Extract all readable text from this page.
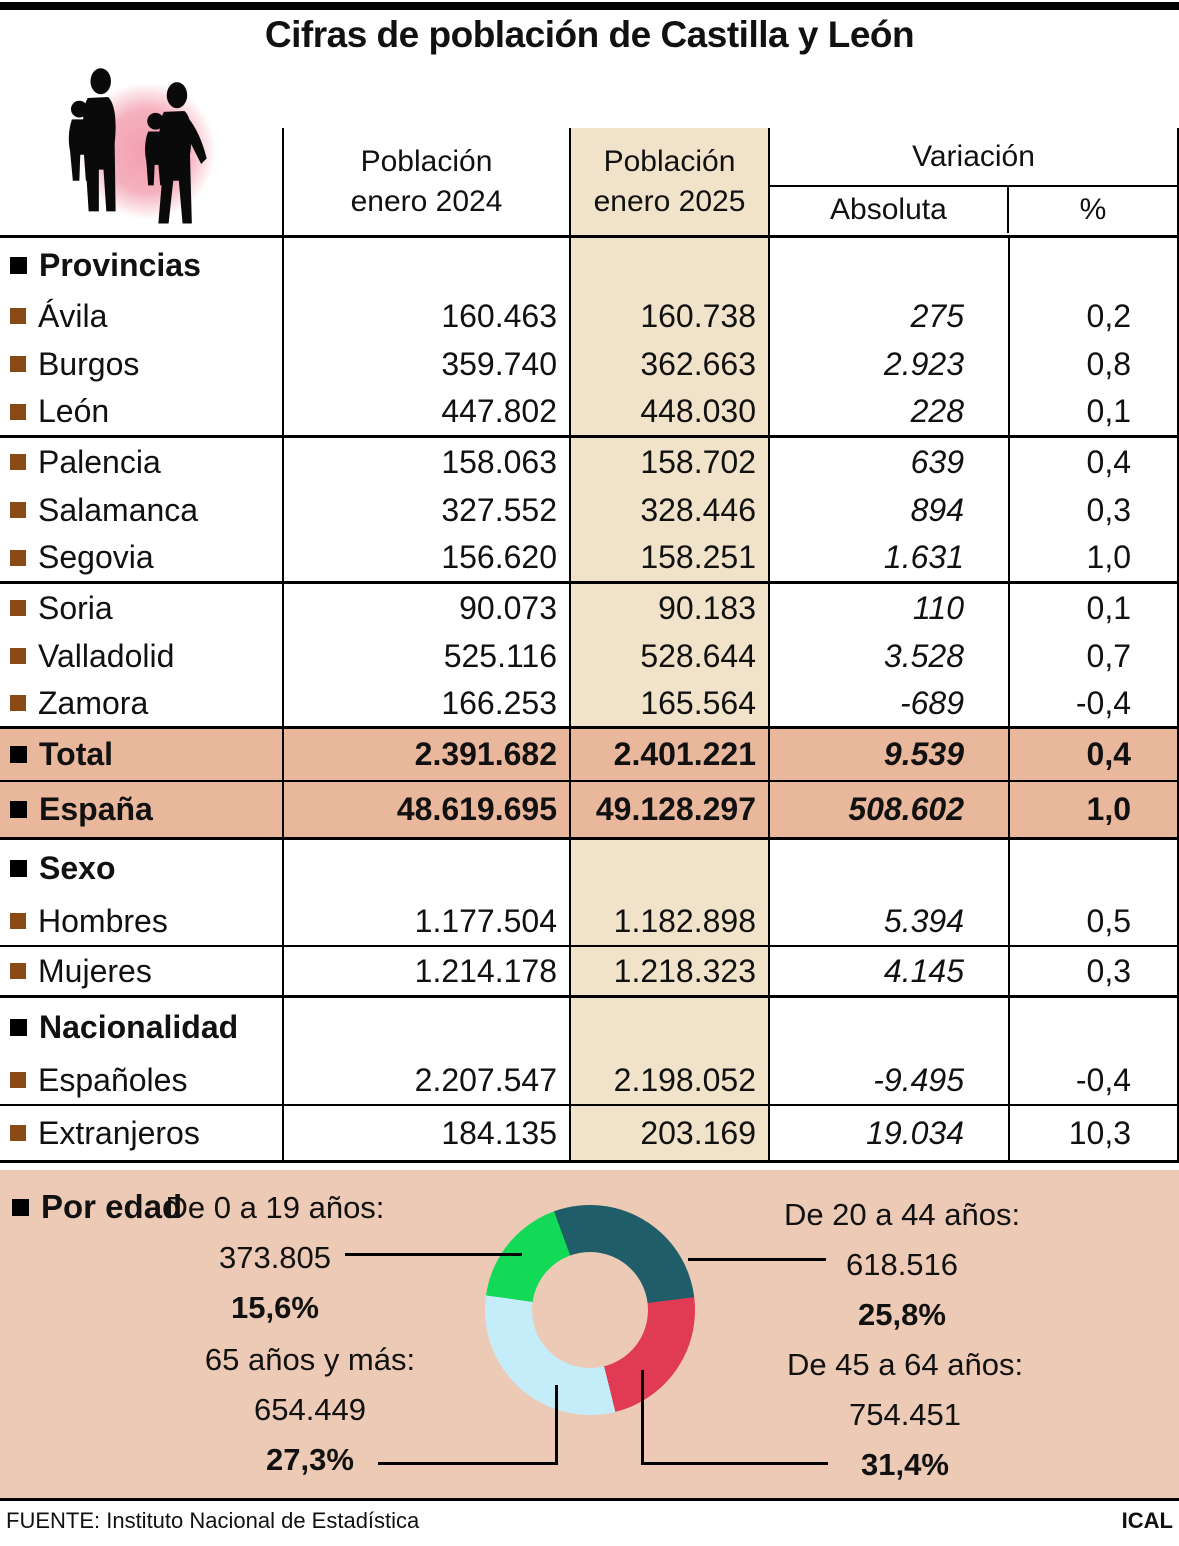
Cifras de población de Castilla y León
Población
enero 2024
Población
enero 2025
Variación
Absoluta	%
Provincias
Ávila	160.463	160.738	275	0,2
Burgos	359.740	362.663	2.923	0,8
León	447.802	448.030	228	0,1
Palencia	158.063	158.702	639	0,4
Salamanca	327.552	328.446	894	0,3
Segovia	156.620	158.251	1.631	1,0
Soria	90.073	90.183	110	0,1
Valladolid	525.116	528.644	3.528	0,7
Zamora	166.253	165.564	-689	-0,4
Total	2.391.682	2.401.221	9.539	0,4
España	48.619.695	49.128.297	508.602	1,0
Sexo
Hombres	1.177.504	1.182.898	5.394	0,5
Mujeres	1.214.178	1.218.323	4.145	0,3
Nacionalidad
Españoles	2.207.547	2.198.052	-9.495	-0,4
Extranjeros	184.135	203.169	19.034	10,3
Por edad
De 0 a 19 años:
373.805
15,6%
De 20 a 44 años:
618.516
25,8%
65 años y más:
654.449
27,3%
De 45 a 64 años:
754.451
31,4%
FUENTE: Instituto Nacional de Estadística	ICAL
